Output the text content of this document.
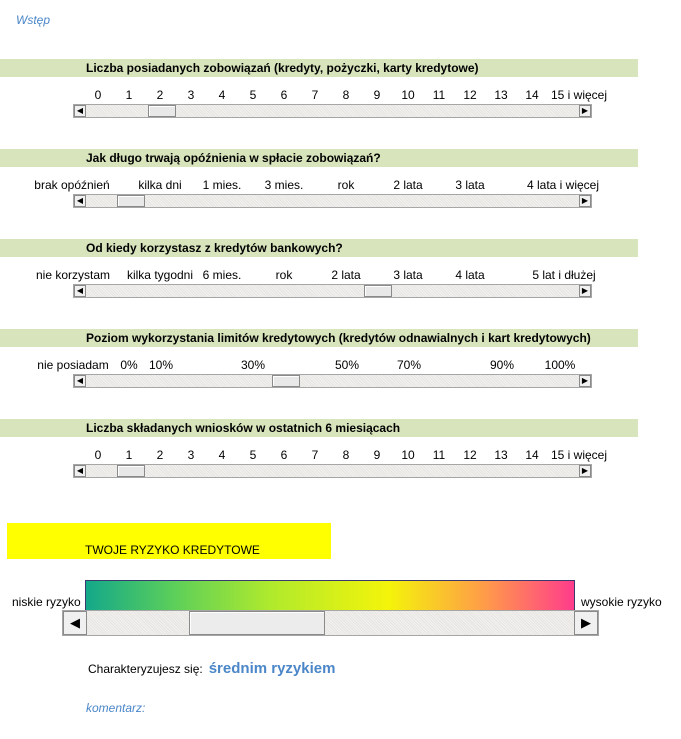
Wstęp
Liczba posiadanych zobowiązań (kredyty, pożyczki, karty kredytowe)
0 1 2 3 4 5 6 7 8 9 10 11 12 13 14 15 i więcej
◀	▶
Jak długo trwają opóźnienia w spłacie zobowiązań?
brak opóźnień kilka dni 1 mies. 3 mies.	rok	2 lata	3 lata	4 lata i więcej
◀	▶
Od kiedy korzystasz z kredytów bankowych?
nie korzystam kilka tygodni 6 mies.	rok	2 lata	3 lata	4 lata	5 lat i dłużej
◀	▶
Poziom wykorzystania limitów kredytowych (kredytów odnawialnych i kart kredytowych)
nie posiadam 0% 10%	30%	50%	70%	90%	100%
◀	▶
Liczba składanych wniosków w ostatnich 6 miesiącach
0 1 2 3 4 5 6 7 8 9 10 11 12 13 14 15 i więcej
◀	▶
TWOJE RYZYKO KREDYTOWE
niskie ryzyko	wysokie ryzyko
◀	▶
Charakteryzujesz się: średnim ryzykiem
komentarz:
